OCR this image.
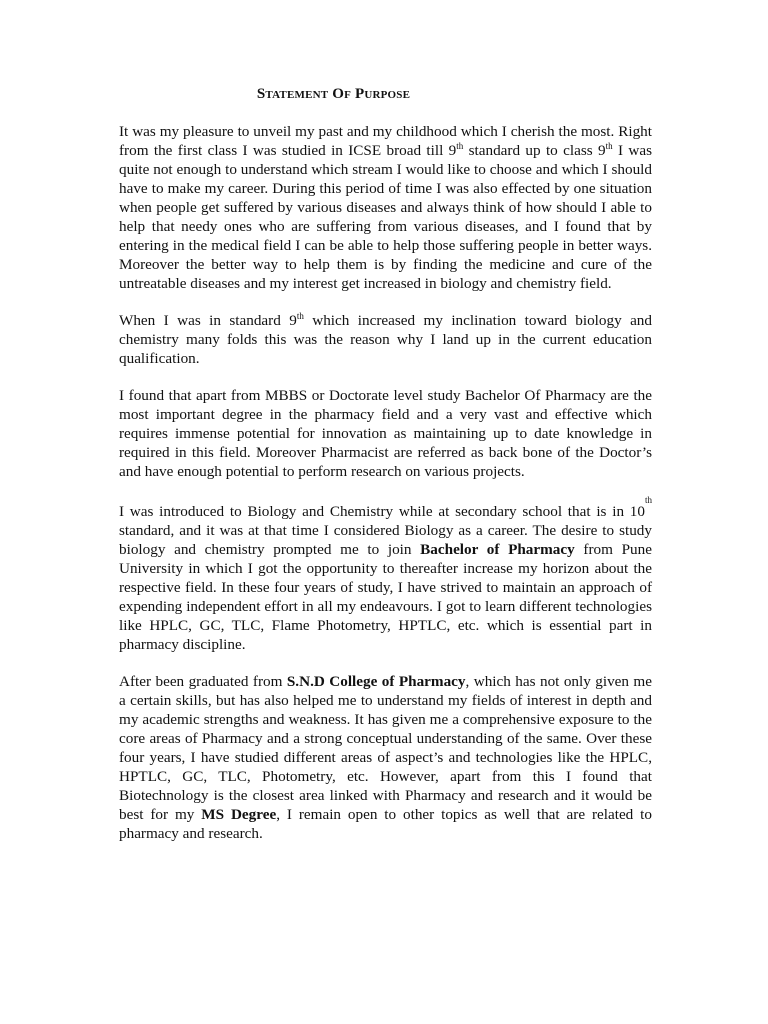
Statement Of Purpose

It was my pleasure to unveil my past and my childhood which I cherish the most. Right from the first class I was studied in ICSE broad till 9th standard up to class 9th I was quite not enough to understand which stream I would like to choose and which I should have to make my career. During this period of time I was also effected by one situation when people get suffered by various diseases and always think of how should I able to help that needy ones who are suffering from various diseases, and I found that by entering in the medical field I can be able to help those suffering people in better ways. Moreover the better way to help them is by finding the medicine and cure of the untreatable diseases and my interest get increased in biology and chemistry field.

When I was in standard 9th which increased my inclination toward biology and chemistry many folds this was the reason why I land up in the current education qualification.

I found that apart from MBBS or Doctorate level study Bachelor Of Pharmacy are the most important degree in the pharmacy field and a very vast and effective which requires immense potential for innovation as maintaining up to date knowledge in required in this field. Moreover Pharmacist are referred as back bone of the Doctor’s and have enough potential to perform research on various projects.

I was introduced to Biology and Chemistry while at secondary school that is in 10th standard, and it was at that time I considered Biology as a career. The desire to study biology and chemistry prompted me to join Bachelor of Pharmacy from Pune University in which I got the opportunity to thereafter increase my horizon about the respective field. In these four years of study, I have strived to maintain an approach of expending independent effort in all my endeavours. I got to learn different technologies like HPLC, GC, TLC, Flame Photometry, HPTLC, etc. which is essential part in pharmacy discipline.

After been graduated from S.N.D College of Pharmacy, which has not only given me a certain skills, but has also helped me to understand my fields of interest in depth and my academic strengths and weakness. It has given me a comprehensive exposure to the core areas of Pharmacy and a strong conceptual understanding of the same. Over these four years, I have studied different areas of aspect’s and technologies like the HPLC, HPTLC, GC, TLC, Photometry, etc. However, apart from this I found that Biotechnology is the closest area linked with Pharmacy and research and it would be best for my MS Degree, I remain open to other topics as well that are related to pharmacy and research.
